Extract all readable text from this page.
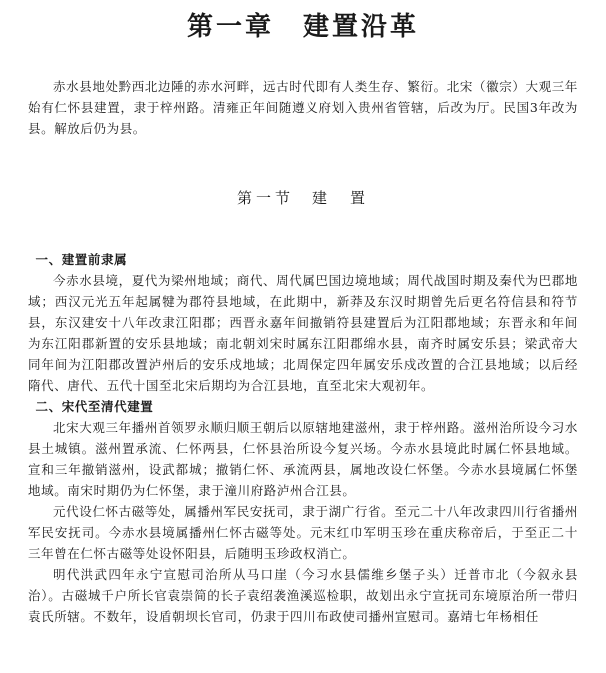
第一章　建置沿革

赤水县地处黔西北边陲的赤水河畔，远古时代即有人类生存、繁衍。北宋（徽宗）大观三年始有仁怀县建置，隶于梓州路。清雍正年间随遵义府划入贵州省管辖，后改为厅。民国3年改为县。解放后仍为县。

第一节 建　置
一、建置前隶属

今赤水县境，夏代为梁州地域；商代、周代属巴国边境地域；周代战国时期及秦代为巴郡地域；西汉元光五年起属犍为郡符县地域，在此期中，新莽及东汉时期曾先后更名符信县和符节县，东汉建安十八年改隶江阳郡；西晋永嘉年间撤销符县建置后为江阳郡地域；东晋永和年间为东江阳郡新置的安乐县地域；南北朝刘宋时属东江阳郡绵水县，南齐时属安乐县；梁武帝大同年间为江阳郡改置泸州后的安乐戍地域；北周保定四年属安乐戍改置的合江县地域；以后经隋代、唐代、五代十国至北宋后期均为合江县地，直至北宋大观初年。

二、宋代至清代建置

北宋大观三年播州首领罗永顺归顺王朝后以原辖地建滋州，隶于梓州路。滋州治所设今习水县土城镇。滋州置承流、仁怀两县，仁怀县治所设今复兴场。今赤水县境此时属仁怀县地域。宣和三年撤销滋州，设武都城；撤销仁怀、承流两县，属地改设仁怀堡。今赤水县境属仁怀堡地域。南宋时期仍为仁怀堡，隶于潼川府路泸州合江县。

元代设仁怀古磁等处，属播州军民安抚司，隶于湖广行省。至元二十八年改隶四川行省播州军民安抚司。今赤水县境属播州仁怀古磁等处。元末红巾军明玉珍在重庆称帝后，于至正二十三年曾在仁怀古磁等处设怀阳县，后随明玉珍政权消亡。

明代洪武四年永宁宣慰司治所从马口崖（今习水县儒维乡堡子头）迁普市北（今叙永县治）。古磁城千户所长官袁崇简的长子袁绍袭渔溪巡检职，故划出永宁宣抚司东境原治所一带归袁氏所辖。不数年，设盾朝坝长官司，仍隶于四川布政使司播州宣慰司。嘉靖七年杨相任
